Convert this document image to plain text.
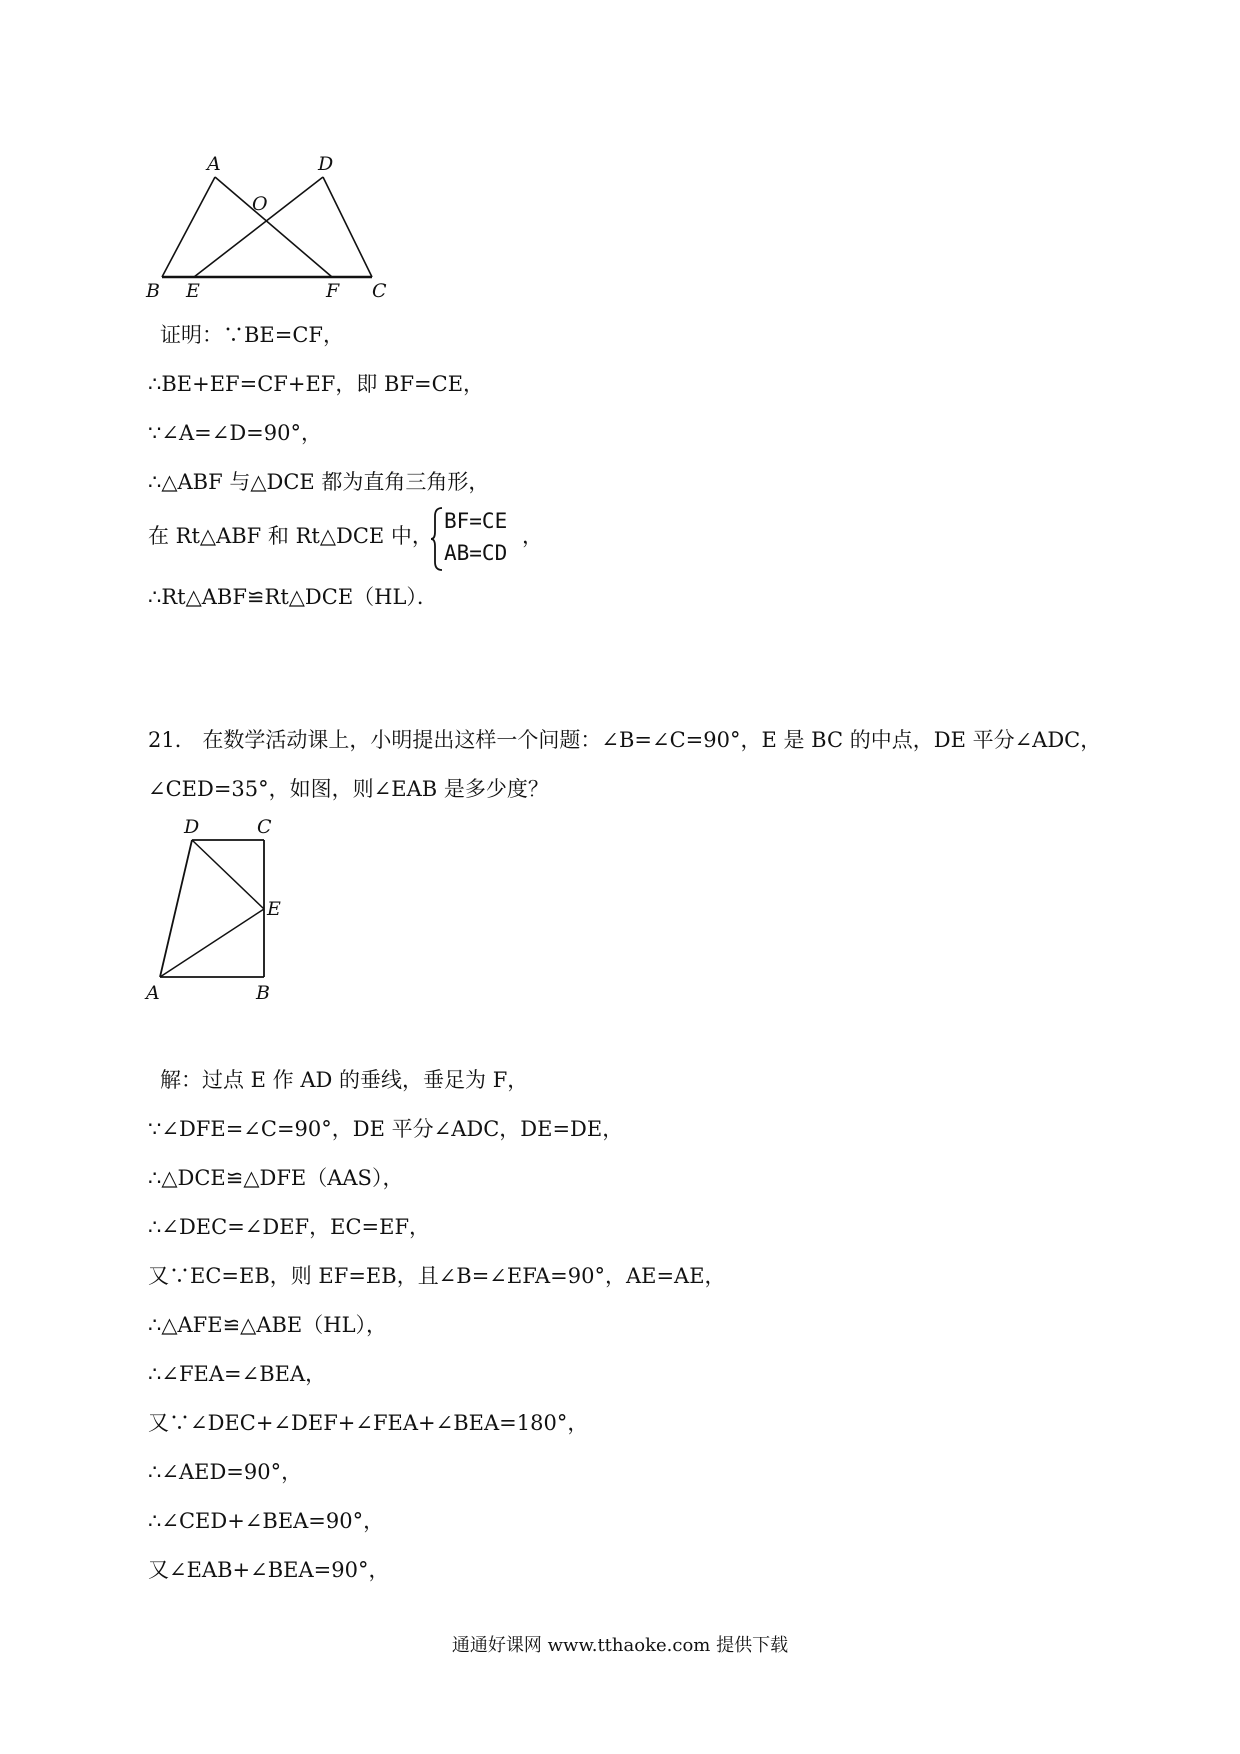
A
B	C
D
E	F
O
证明：∵BE=CF，
∴BE+EF=CF+EF，即 BF=CE，
∵∠A=∠D=90°，
∴△ABF 与△DCE 都为直角三角形，
在 Rt△ABF 和 Rt△DCE 中，
BF=CE
AB=CD
，
∴Rt△ABF≌Rt△DCE（HL）．
21． 在数学活动课上，小明提出这样一个问题：∠B=∠C=90°，E 是 BC 的中点，DE 平分∠ADC，
∠CED=35°，如图，则∠EAB 是多少度？
D	C
E
A	B
解：过点 E 作 AD 的垂线，垂足为 F，
∵∠DFE=∠C=90°，DE 平分∠ADC，DE=DE，
∴△DCE≌△DFE（AAS），
∴∠DEC=∠DEF，EC=EF，
又∵EC=EB，则 EF=EB，且∠B=∠EFA=90°，AE=AE，
∴△AFE≌△ABE（HL），
∴∠FEA=∠BEA，
又∵∠DEC+∠DEF+∠FEA+∠BEA=180°，
∴∠AED=90°，
∴∠CED+∠BEA=90°，
又∠EAB+∠BEA=90°，
通通好课网 www.tthaoke.com 提供下载
